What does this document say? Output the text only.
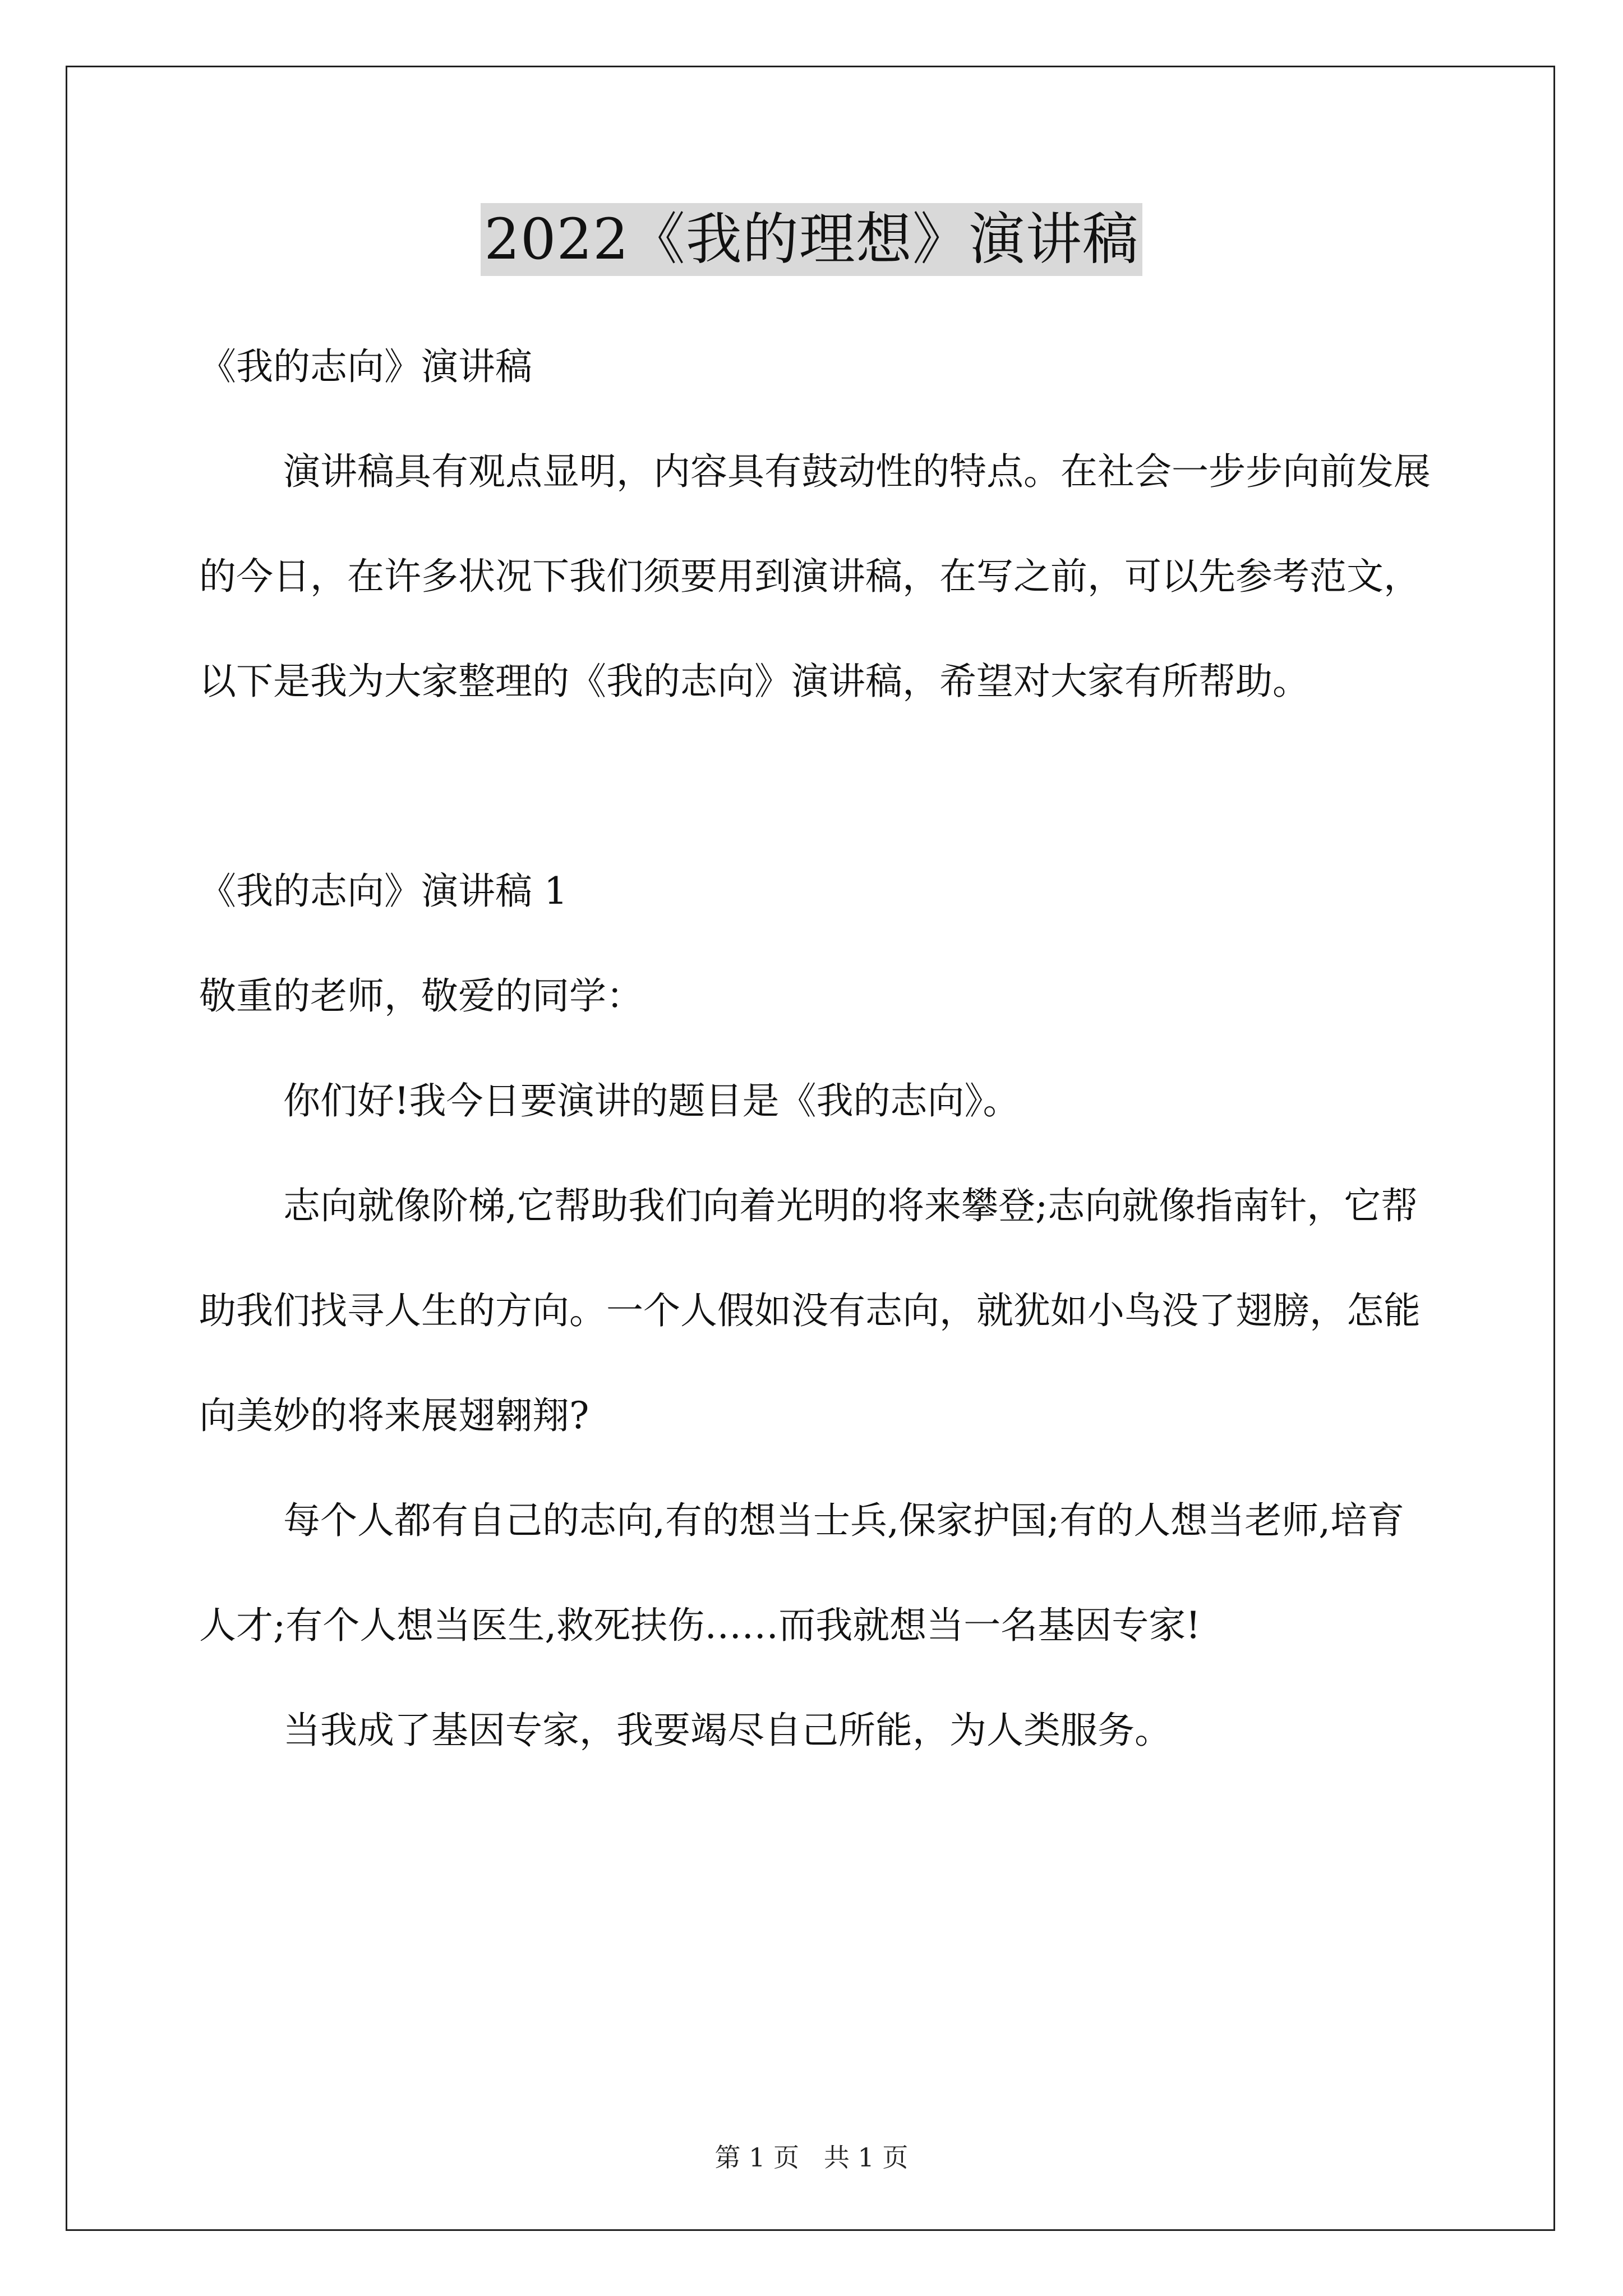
2022《我的理想》演讲稿

《我的志向》演讲稿

演讲稿具有观点显明，内容具有鼓动性的特点。在社会一步步向前发展的今日，在许多状况下我们须要用到演讲稿，在写之前，可以先参考范文，以下是我为大家整理的《我的志向》演讲稿，希望对大家有所帮助。

《我的志向》演讲稿 1

敬重的老师，敬爱的同学：

你们好!我今日要演讲的题目是《我的志向》。

志向就像阶梯,它帮助我们向着光明的将来攀登;志向就像指南针，它帮助我们找寻人生的方向。一个人假如没有志向，就犹如小鸟没了翅膀，怎能向美妙的将来展翅翱翔?

每个人都有自己的志向,有的想当士兵,保家护国;有的人想当老师,培育人才;有个人想当医生,救死扶伤……而我就想当一名基因专家!

当我成了基因专家，我要竭尽自己所能，为人类服务。

第 1 页   共 1 页
